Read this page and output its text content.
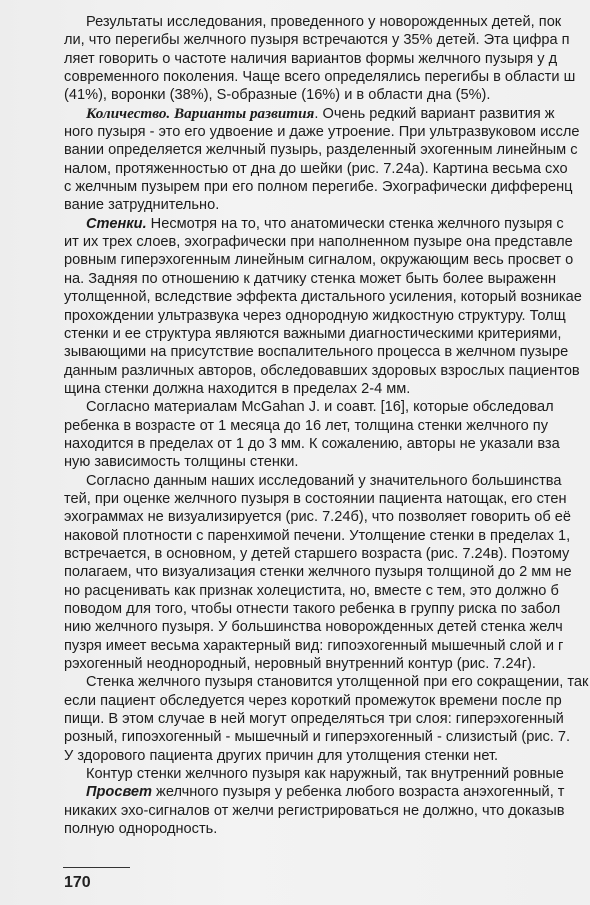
Результаты исследования, проведенного у новорожденных детей, пок
ли, что перегибы желчного пузыря встречаются у 35% детей. Эта цифра п
ляет говорить о частоте наличия вариантов формы желчного пузыря у д
современного поколения. Чаще всего определялись перегибы в области ш
(41%), воронки (38%), S-образные (16%) и в области дна (5%).
Количество. Варианты развития. Очень редкий вариант развития ж
ного пузыря - это его удвоение и даже утроение. При ультразвуковом иссле
вании определяется желчный пузырь, разделенный эхогенным линейным с
налом, протяженностью от дна до шейки (рис. 7.24а). Картина весьма схо
с желчным пузырем при его полном перегибе. Эхографически дифференц
вание затруднительно.
Стенки. Несмотря на то, что анатомически стенка желчного пузыря с
ит их трех слоев, эхографически при наполненном пузыре она представле
ровным гиперэхогенным линейным сигналом, окружающим весь просвет о
на. Задняя по отношению к датчику стенка может быть более выраженн
утолщенной, вследствие эффекта дистального усиления, который возникае
прохождении ультразвука через однородную жидкостную структуру. Толщ
стенки и ее структура являются важными диагностическими критериями,
зывающими на присутствие воспалительного процесса в желчном пузыре
данным различных авторов, обследовавших здоровых взрослых пациентов
щина стенки должна находится в пределах 2-4 мм.
Согласно материалам McGahan J. и соавт. [16], которые обследовал
ребенка в возрасте от 1 месяца до 16 лет, толщина стенки желчного пу
находится в пределах от 1 до 3 мм. К сожалению, авторы не указали вза
ную зависимость толщины стенки.
Согласно данным наших исследований у значительного большинства
тей, при оценке желчного пузыря в состоянии пациента натощак, его стен
эхограммах не визуализируется (рис. 7.24б), что позволяет говорить об её
наковой плотности с паренхимой печени. Утолщение стенки в пределах 1,
встречается, в основном, у детей старшего возраста (рис. 7.24в). Поэтому
полагаем, что визуализация стенки желчного пузыря толщиной до 2 мм не
но расценивать как признак холецистита, но, вместе с тем, это должно б
поводом для того, чтобы отнести такого ребенка в группу риска по забол
нию желчного пузыря. У большинства новорожденных детей стенка желч
пузря имеет весьма характерный вид: гипоэхогенный мышечный слой и г
рэхогенный неоднородный, неровный внутренний контур (рис. 7.24г).
Стенка желчного пузыря становится утолщенной при его сокращении, так
если пациент обследуется через короткий промежуток времени после пр
пищи. В этом случае в ней могут определяться три слоя: гиперэхогенный
розный, гипоэхогенный - мышечный и гиперэхогенный - слизистый (рис. 7.
У здорового пациента других причин для утолщения стенки нет.
Контур стенки желчного пузыря как наружный, так внутренний ровные
Просвет желчного пузыря у ребенка любого возраста анэхогенный, т
никаких эхо-сигналов от желчи регистрироваться не должно, что доказыв
полную однородность.
170
